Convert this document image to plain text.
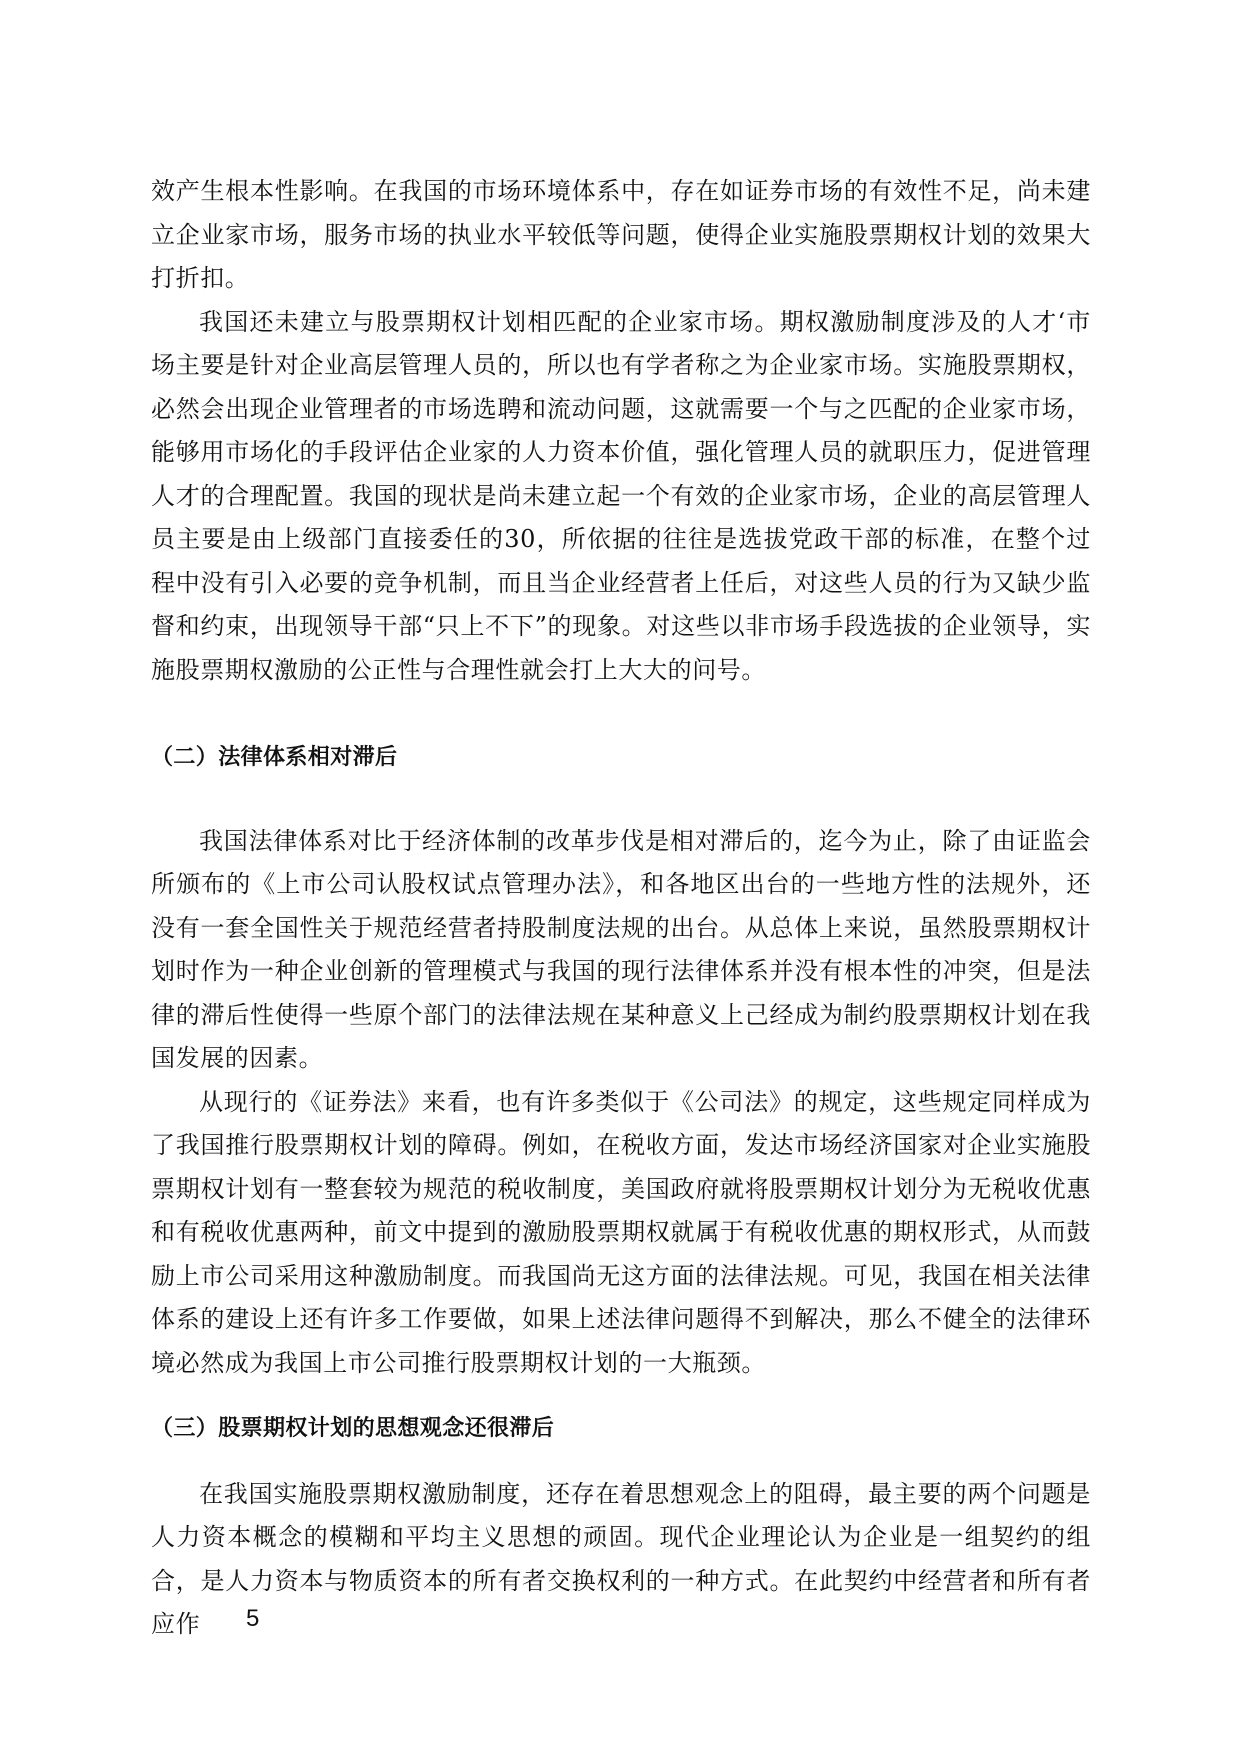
效产生根本性影响。在我国的市场环境体系中，存在如证券市场的有效性不足，尚未建立企业家市场，服务市场的执业水平较低等问题，使得企业实施股票期权计划的效果大打折扣。

我国还未建立与股票期权计划相匹配的企业家市场。期权激励制度涉及的人才‘市场主要是针对企业高层管理人员的，所以也有学者称之为企业家市场。实施股票期权，必然会出现企业管理者的市场选聘和流动问题，这就需要一个与之匹配的企业家市场，能够用市场化的手段评估企业家的人力资本价值，强化管理人员的就职压力，促进管理人才的合理配置。我国的现状是尚未建立起一个有效的企业家市场，企业的高层管理人员主要是由上级部门直接委任的30，所依据的往往是选拔党政干部的标准，在整个过程中没有引入必要的竞争机制，而且当企业经营者上任后，对这些人员的行为又缺少监督和约束，出现领导干部“只上不下”的现象。对这些以非市场手段选拔的企业领导，实施股票期权激励的公正性与合理性就会打上大大的问号。

（二）法律体系相对滞后

我国法律体系对比于经济体制的改革步伐是相对滞后的，迄今为止，除了由证监会所颁布的《上市公司认股权试点管理办法》，和各地区出台的一些地方性的法规外，还没有一套全国性关于规范经营者持股制度法规的出台。从总体上来说，虽然股票期权计划时作为一种企业创新的管理模式与我国的现行法律体系并没有根本性的冲突，但是法律的滞后性使得一些原个部门的法律法规在某种意义上己经成为制约股票期权计划在我国发展的因素。

从现行的《证券法》来看，也有许多类似于《公司法》的规定，这些规定同样成为了我国推行股票期权计划的障碍。例如，在税收方面，发达市场经济国家对企业实施股票期权计划有一整套较为规范的税收制度，美国政府就将股票期权计划分为无税收优惠和有税收优惠两种，前文中提到的激励股票期权就属于有税收优惠的期权形式，从而鼓励上市公司采用这种激励制度。而我国尚无这方面的法律法规。可见，我国在相关法律体系的建设上还有许多工作要做，如果上述法律问题得不到解决，那么不健全的法律环境必然成为我国上市公司推行股票期权计划的一大瓶颈。

（三）股票期权计划的思想观念还很滞后

在我国实施股票期权激励制度，还存在着思想观念上的阻碍，最主要的两个问题是人力资本概念的模糊和平均主义思想的顽固。现代企业理论认为企业是一组契约的组合，是人力资本与物质资本的所有者交换权利的一种方式。在此契约中经营者和所有者应作	5
